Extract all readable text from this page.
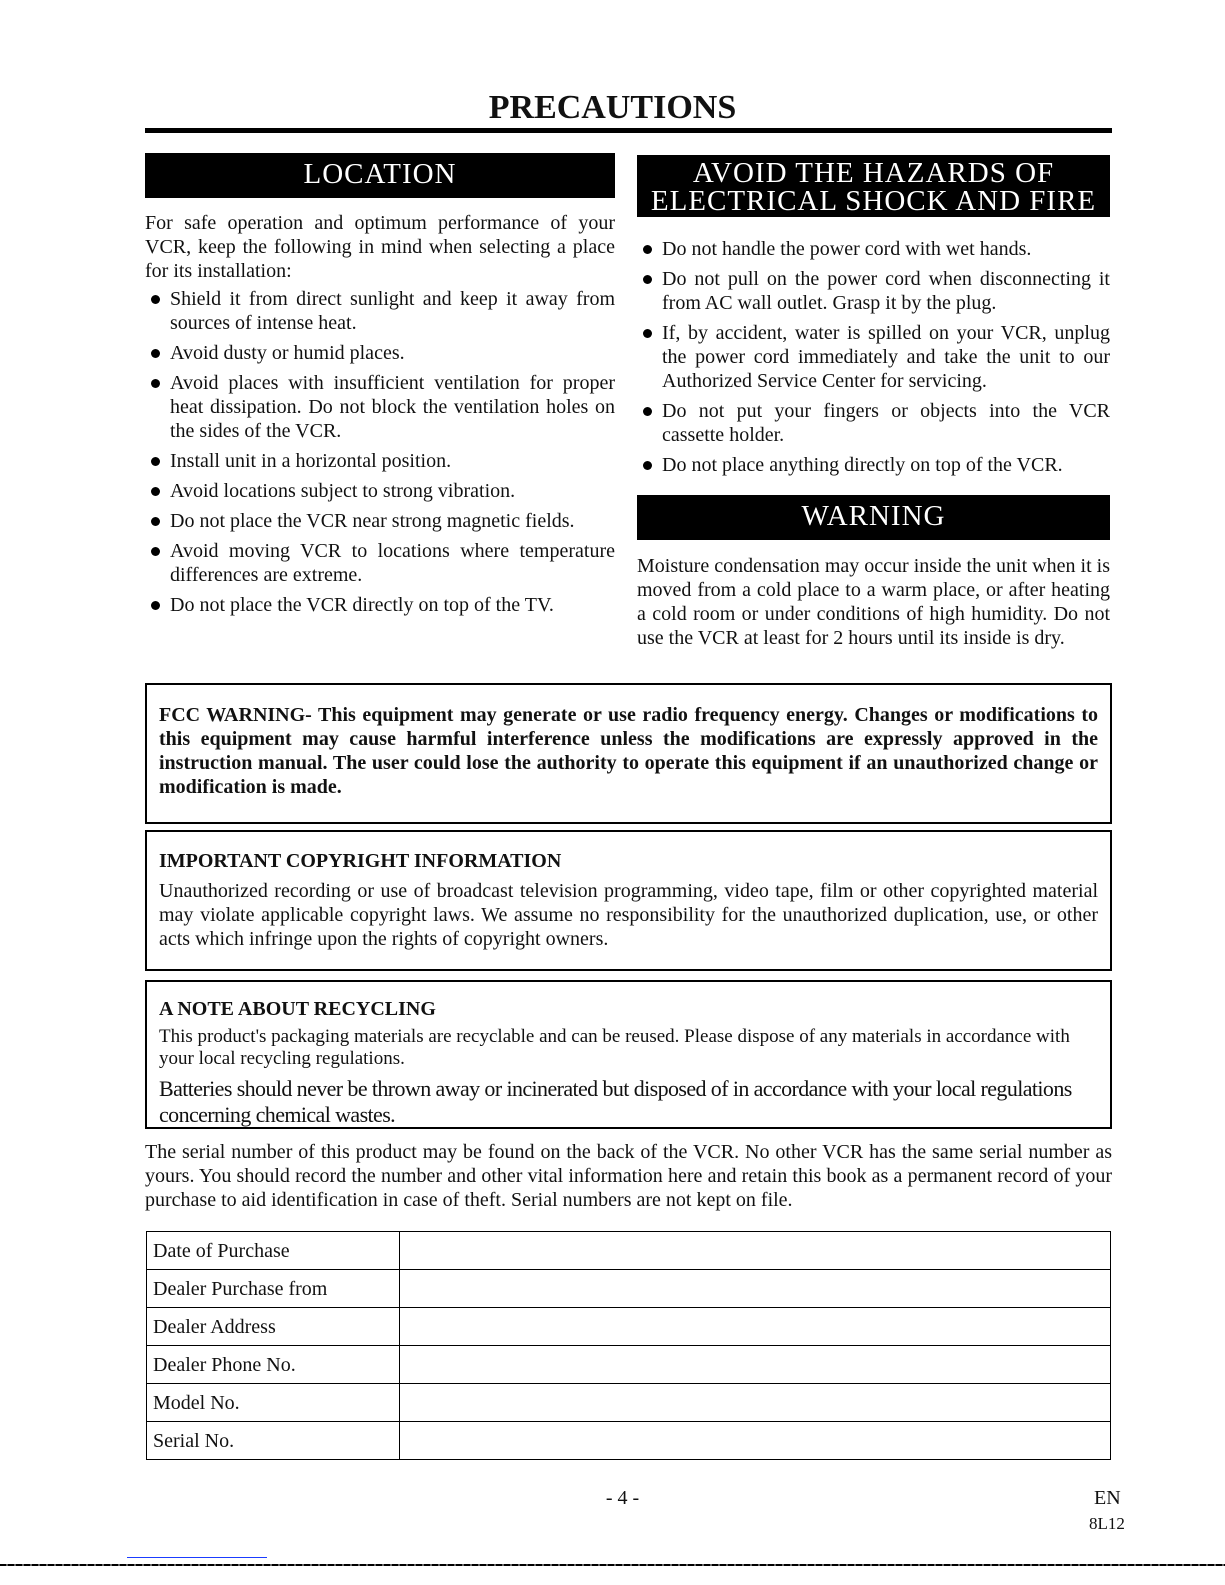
PRECAUTIONS
LOCATION

For safe operation and optimum performance of your VCR, keep the following in mind when selecting a place for its installation:

Shield it from direct sunlight and keep it away from sources of intense heat.
Avoid dusty or humid places.
Avoid places with insufficient ventilation for proper heat dissipation. Do not block the ventilation holes on the sides of the VCR.
Install unit in a horizontal position.
Avoid locations subject to strong vibration.
Do not place the VCR near strong magnetic fields.
Avoid moving VCR to locations where temperature differences are extreme.
Do not place the VCR directly on top of the TV.
AVOID THE HAZARDS OF
ELECTRICAL SHOCK AND FIRE
Do not handle the power cord with wet hands.
Do not pull on the power cord when disconnecting it from AC wall outlet. Grasp it by the plug.
If, by accident, water is spilled on your VCR, unplug the power cord immediately and take the unit to our Authorized Service Center for servicing.
Do not put your fingers or objects into the VCR cassette holder.
Do not place anything directly on top of the VCR.
WARNING
Moisture condensation may occur inside the unit when it is moved from a cold place to a warm place, or after heating a cold room or under conditions of high humidity. Do not use the VCR at least for 2 hours until its inside is dry.
FCC WARNING- This equipment may generate or use radio frequency energy. Changes or modifications to this equipment may cause harmful interference unless the modifications are expressly approved in the instruction manual. The user could lose the authority to operate this equipment if an unauthorized change or modification is made.
IMPORTANT COPYRIGHT INFORMATION
Unauthorized recording or use of broadcast television programming, video tape, film or other copyrighted material may violate applicable copyright laws. We assume no responsibility for the unauthorized duplication, use, or other acts which infringe upon the rights of copyright owners.
A NOTE ABOUT RECYCLING
This product's packaging materials are recyclable and can be reused. Please dispose of any materials in accordance with your local recycling regulations.
Batteries should never be thrown away or incinerated but disposed of in accordance with your local regulations concerning chemical wastes.
The serial number of this product may be found on the back of the VCR. No other VCR has the same serial number as yours. You should record the number and other vital information here and retain this book as a permanent record of your purchase to aid identification in case of theft. Serial numbers are not kept on file.
Date of Purchase	
Dealer Purchase from	
Dealer Address	
Dealer Phone No.	
Model No.	
Serial No.	
- 4 -	EN
8L12
